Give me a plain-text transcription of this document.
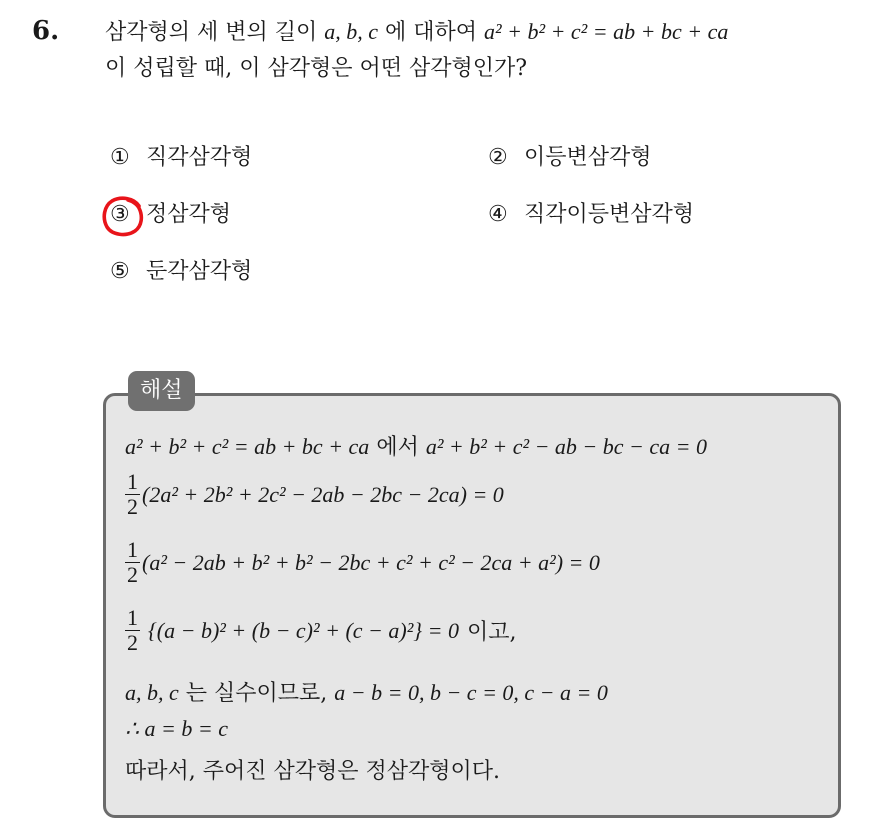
6. 삼각형의 세 변의 길이 a, b, c 에 대하여 a² + b² + c² = ab + bc + ca
이 성립할 때, 이 삼각형은 어떤 삼각형인가?
① 직각삼각형	② 이등변삼각형
③ 정삼각형	④ 직각이등변삼각형
⑤ 둔각삼각형
해설
a² + b² + c² = ab + bc + ca 에서 a² + b² + c² − ab − bc − ca = 0
$\frac{1}{2} (2a^2 + 2b^2 + 2c^2 - 2ab - 2bc - 2ca) = 0$
$\frac{1}{2} (a^2 - 2ab + b^2 + b^2 - 2bc + c^2 + c^2 - 2ca + a^2) = 0$
$\frac{1}{2} \{(a - b)^2 + (b - c)^2 + (c - a)^2\} = 0$ 이고,
a, b, c 는 실수이므로, a − b = 0, b − c = 0, c − a = 0
∴ a = b = c
따라서, 주어진 삼각형은 정삼각형이다.
